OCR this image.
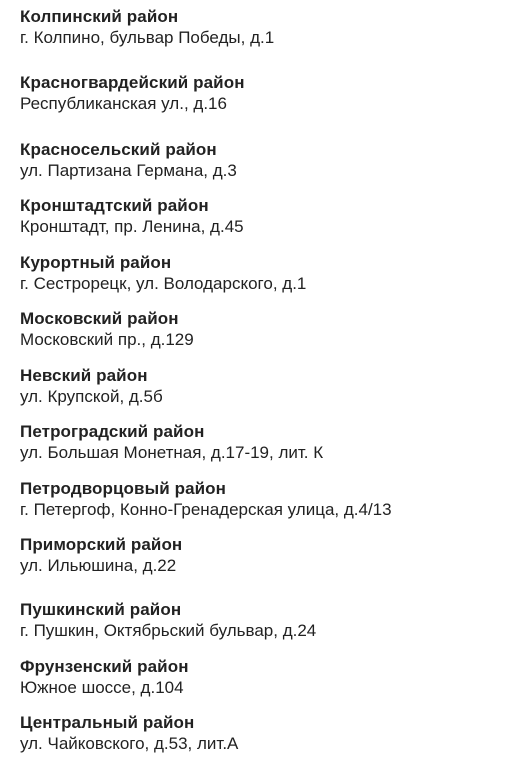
Колпинский район
г. Колпино, бульвар Победы, д.1
Красногвардейский район
Республиканская ул., д.16
Красносельский район
ул. Партизана Германа, д.3
Кронштадтский район
Кронштадт, пр. Ленина, д.45
Курортный район
г. Сестрорецк, ул. Володарского, д.1
Московский район
Московский пр., д.129
Невский район
ул. Крупской, д.5б
Петроградский район
ул. Большая Монетная, д.17-19, лит. К
Петродворцовый район
г. Петергоф, Конно-Гренадерская улица, д.4/13
Приморский район
ул. Ильюшина, д.22
Пушкинский район
г. Пушкин, Октябрьский бульвар, д.24
Фрунзенский район
Южное шоссе, д.104
Центральный район
ул. Чайковского, д.53, лит.А
